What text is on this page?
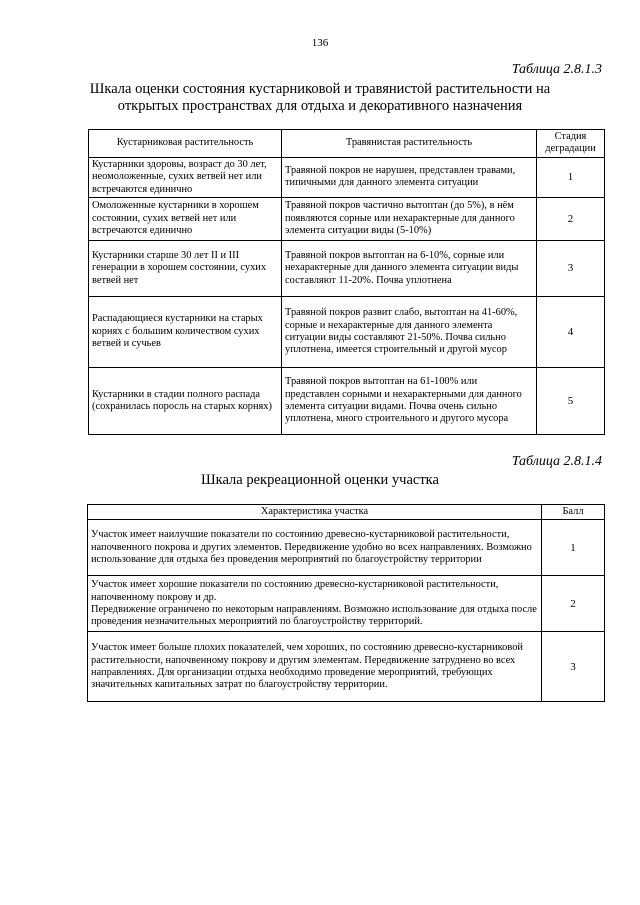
136
Таблица 2.8.1.3
Шкала оценки состояния кустарниковой и травянистой растительности на
открытых пространствах для отдыха и декоративного назначения
Кустарниковая растительность	Травянистая растительность	Стадия деградации
Кустарники здоровы, возраст до 30 лет, неомоложенные, сухих ветвей нет или встречаются единично	Травяной покров не нарушен, представлен травами, типичными для данного элемента ситуации	1
Омоложенные кустарники в хорошем состоянии, сухих ветвей нет или встречаются единично	Травяной покров частично вытоптан (до 5%), в нём появляются сорные или нехарактерные для данного элемента ситуации виды (5-10%)	2
Кустарники старше 30 лет II и III генерации в хорошем состоянии, сухих ветвей нет	Травяной покров вытоптан на 6-10%, сорные или нехарактерные для данного элемента ситуации виды составляют 11-20%. Почва уплотнена	3
Распадающиеся кустарники на старых корнях с большим количеством сухих ветвей и сучьев	Травяной покров развит слабо, вытоптан на 41-60%, сорные и нехарактерные для данного элемента ситуации виды составляют 21-50%. Почва сильно уплотнена, имеется строительный и другой мусор	4
Кустарники в стадии полного распада (сохранилась поросль на старых корнях)	Травяной покров вытоптан на 61-100% или представлен сорными и нехарактерными для данного элемента ситуации видами. Почва очень сильно уплотнена, много строительного и другого мусора	5
Таблица 2.8.1.4
Шкала рекреационной оценки участка
Характеристика участка	Балл
Участок имеет наилучшие показатели по состоянию древесно-кустарниковой растительности, напочвенного покрова и других элементов. Передвижение удобно во всех направлениях. Возможно использование для отдыха без проведения мероприятий по благоустройству территории	1

Участок имеет хорошие показатели по состоянию древесно-кустарниковой растительности, напочвенному покрову и др.
Передвижение ограничено по некоторым направлениям. Возможно использование для отдыха после проведения незначительных мероприятий по благоустройству территорий.	2
Участок имеет больше плохих показателей, чем хороших, по состоянию древесно-кустарниковой растительности, напочвенному покрову и другим элементам. Передвижение затруднено во всех направлениях. Для организации отдыха необходимо проведение мероприятий, требующих значительных капитальных затрат по благоустройству территории.	3
